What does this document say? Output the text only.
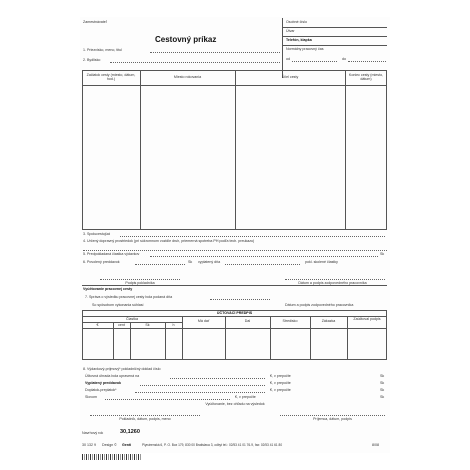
Zamestnávateľ
Cestovný príkaz
Osobné číslo
Útvar
Telefón, klapka
Normálny pracovný čas
od	do
1. Priezvisko, meno, titul
2. Bydlisko
Začiatok cesty (miesto, dátum, hod.)	Miesto rokovania	Účel cesty	Koniec cesty (miesto, dátum)
3. Spolucestujúci
4. Určený dopravný prostriedok (pri súkromnom vozidle druh, priemerná spotreba PH podľa tech. preukazu)
5. Predpokladaná čiastka výdavkov	Sk
6. Povolený preddavok	Sk vyplatený dňa	pokl. skolené čiastky
Podpis pokladníka	Dátum a podpis zodpovedného pracovníka
Vyúčtovanie pracovnej cesty
7. Správa o výsledku pracovnej cesty bola podaná dňa
So spôsobom vykonania súhlasí	Dátum a podpis zodpovedného pracovníka
ÚČTOVACÍ PREDPIS
Čiastka
€	cent	Sk	h
Má dať	Dal	Stredisko	Zákazka	Zaúčtoval podpis
8. Výdavkový-príjmový* pokladničný doklad číslo
Účtovná úhrada bola upravená na	€, v prepočte	Sk
Vyplatený preddavok	€, v prepočte	Sk
Doplatok-preplatok*	€, v prepočte	Sk
Slovom	€, v prepočte	Sk
Vyúčtovanie, bez ohľadu na výsledok
Pokladník, dátum, podpis, meno	Príjemca, dátum, podpis
Navrhový rok	30,1260
30 132 9 Design © Genti	Plynárenská 6, P. O. Box 179, 830 00 Bratislava 3, odbyt tel.: 02/53 41 01 76-9, fax: 02/53 41 61 80	8/08
